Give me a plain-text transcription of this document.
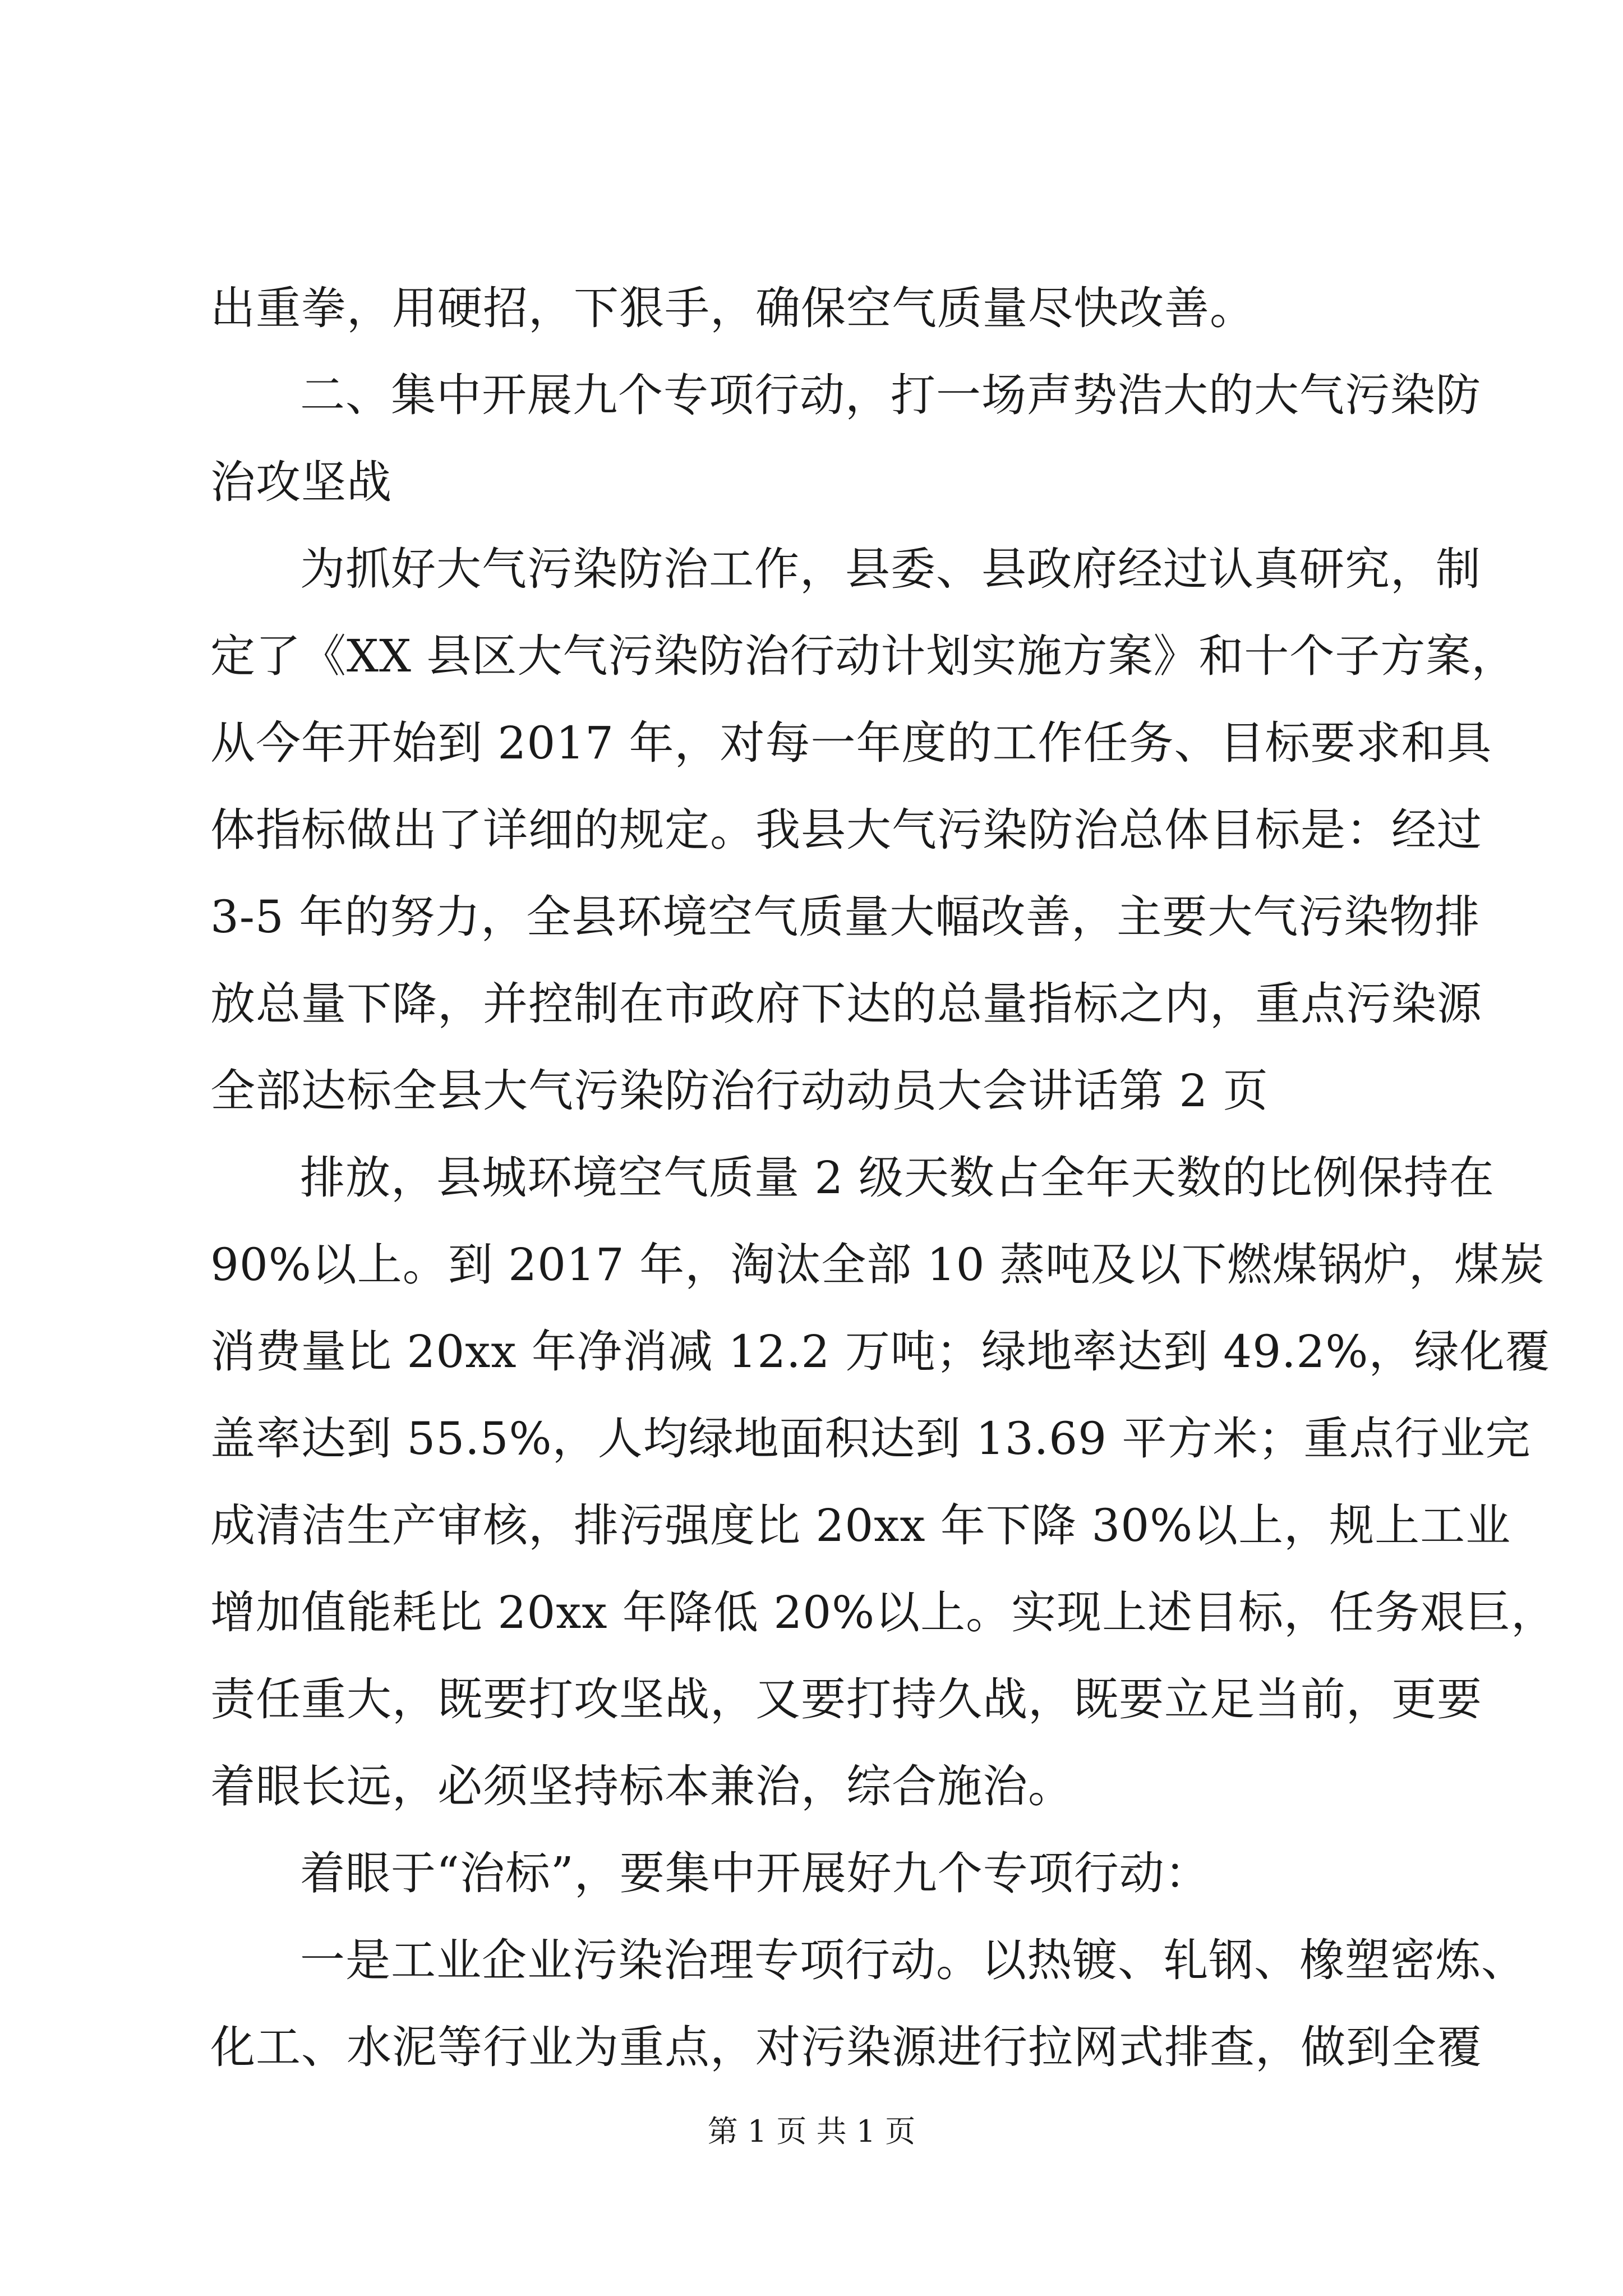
出重拳，用硬招，下狠手，确保空气质量尽快改善。
二、集中开展九个专项行动，打一场声势浩大的大气污染防
治攻坚战
为抓好大气污染防治工作，县委、县政府经过认真研究，制
定了《XX 县区大气污染防治行动计划实施方案》和十个子方案，
从今年开始到 2017 年，对每一年度的工作任务、目标要求和具
体指标做出了详细的规定。我县大气污染防治总体目标是：经过
3-5 年的努力，全县环境空气质量大幅改善，主要大气污染物排
放总量下降，并控制在市政府下达的总量指标之内，重点污染源
全部达标全县大气污染防治行动动员大会讲话第 2 页
排放，县城环境空气质量 2 级天数占全年天数的比例保持在
90%以上。到 2017 年，淘汰全部 10 蒸吨及以下燃煤锅炉，煤炭
消费量比 20xx 年净消减 12.2 万吨；绿地率达到 49.2%，绿化覆
盖率达到 55.5%，人均绿地面积达到 13.69 平方米；重点行业完
成清洁生产审核，排污强度比 20xx 年下降 30%以上，规上工业
增加值能耗比 20xx 年降低 20%以上。实现上述目标，任务艰巨，
责任重大，既要打攻坚战，又要打持久战，既要立足当前，更要
着眼长远，必须坚持标本兼治，综合施治。
着眼于“治标”，要集中开展好九个专项行动：
一是工业企业污染治理专项行动。以热镀、轧钢、橡塑密炼、
化工、水泥等行业为重点，对污染源进行拉网式排查，做到全覆
第 1 页 共 1 页
